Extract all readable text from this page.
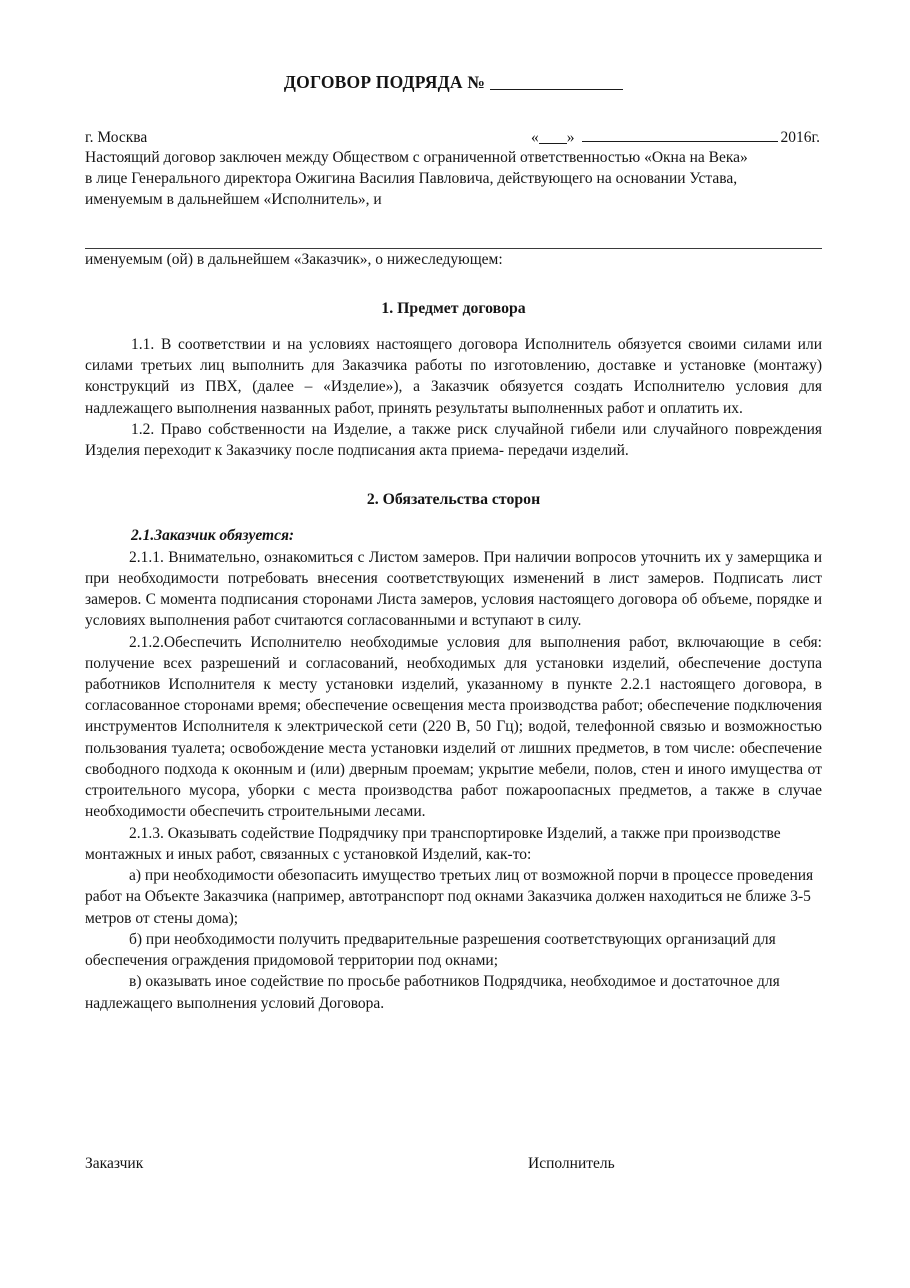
ДОГОВОР ПОДРЯДА №
г. Москва	« »	2016г.

Настоящий договор заключен между Обществом с ограниченной ответственностью «Окна на Века»

в лице Генерального директора Ожигина Василия Павловича, действующего на основании Устава,

именуемым в дальнейшем «Исполнитель», и

именуемым (ой) в дальнейшем «Заказчик», о нижеследующем:

1. Предмет договора

1.1. В соответствии и на условиях настоящего договора Исполнитель обязуется своими силами или силами третьих лиц выполнить для Заказчика работы по изготовлению, доставке и установке (монтажу) конструкций из ПВХ, (далее – «Изделие»), а Заказчик обязуется создать Исполнителю условия для надлежащего выполнения названных работ, принять результаты выполненных работ и оплатить их.

1.2. Право собственности на Изделие, а также риск случайной гибели или случайного повреждения Изделия переходит к Заказчику после подписания акта приема- передачи изделий.

2. Обязательства сторон

2.1.Заказчик обязуется:

2.1.1. Внимательно, ознакомиться с Листом замеров. При наличии вопросов уточнить их у замерщика и при необходимости потребовать внесения соответствующих изменений в лист замеров. Подписать лист замеров. С момента подписания сторонами Листа замеров, условия настоящего договора об объеме, порядке и условиях выполнения работ считаются согласованными и вступают в силу.

2.1.2.Обеспечить Исполнителю необходимые условия для выполнения работ, включающие в себя: получение всех разрешений и согласований, необходимых для установки изделий, обеспечение доступа работников Исполнителя к месту установки изделий, указанному в пункте 2.2.1 настоящего договора, в согласованное сторонами время; обеспечение освещения места производства работ; обеспечение подключения инструментов Исполнителя к электрической сети (220 В, 50 Гц); водой, телефонной связью и возможностью пользования туалета; освобождение места установки изделий от лишних предметов, в том числе: обеспечение свободного подхода к оконным и (или) дверным проемам; укрытие мебели, полов, стен и иного имущества от строительного мусора, уборки с места производства работ пожароопасных предметов, а также в случае необходимости обеспечить строительными лесами.

2.1.3. Оказывать содействие Подрядчику при транспортировке Изделий, а также при производстве монтажных и иных работ, связанных с установкой Изделий, как-то:

а) при необходимости обезопасить имущество третьих лиц от возможной порчи в процессе проведения работ на Объекте Заказчика (например, автотранспорт под окнами Заказчика должен находиться не ближе 3-5 метров от стены дома);

б) при необходимости получить предварительные разрешения соответствующих организаций для обеспечения ограждения придомовой территории под окнами;

в) оказывать иное содействие по просьбе работников Подрядчика, необходимое и достаточное для надлежащего выполнения условий Договора.

Заказчик	Исполнитель
